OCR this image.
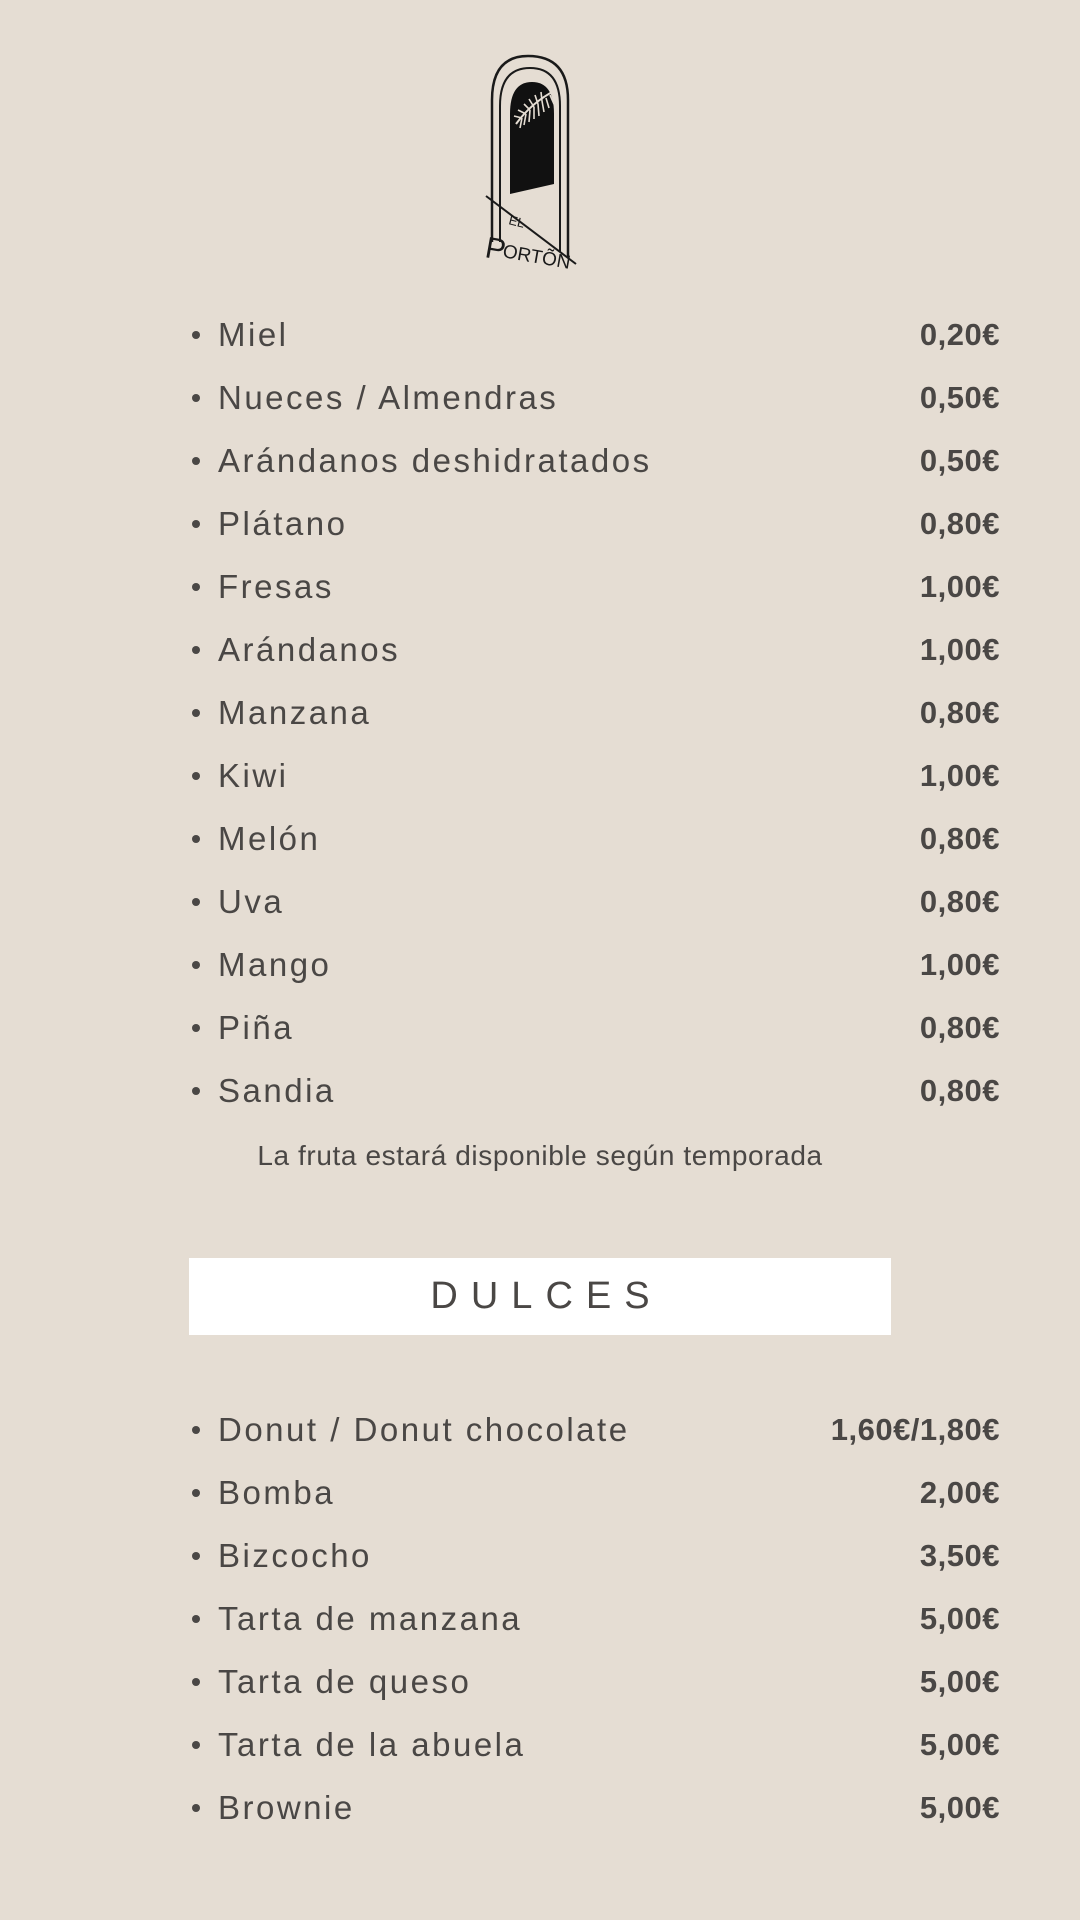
EL
P
ORTÕN
Miel	0,20€
Nueces / Almendras	0,50€
Arándanos deshidratados	0,50€
Plátano	0,80€
Fresas	1,00€
Arándanos	1,00€
Manzana	0,80€
Kiwi	1,00€
Melón	0,80€
Uva	0,80€
Mango	1,00€
Piña	0,80€
Sandia	0,80€
La fruta estará disponible según temporada
DULCES
Donut / Donut chocolate	1,60€/1,80€
Bomba	2,00€
Bizcocho	3,50€
Tarta de manzana	5,00€
Tarta de queso	5,00€
Tarta de la abuela	5,00€
Brownie	5,00€
